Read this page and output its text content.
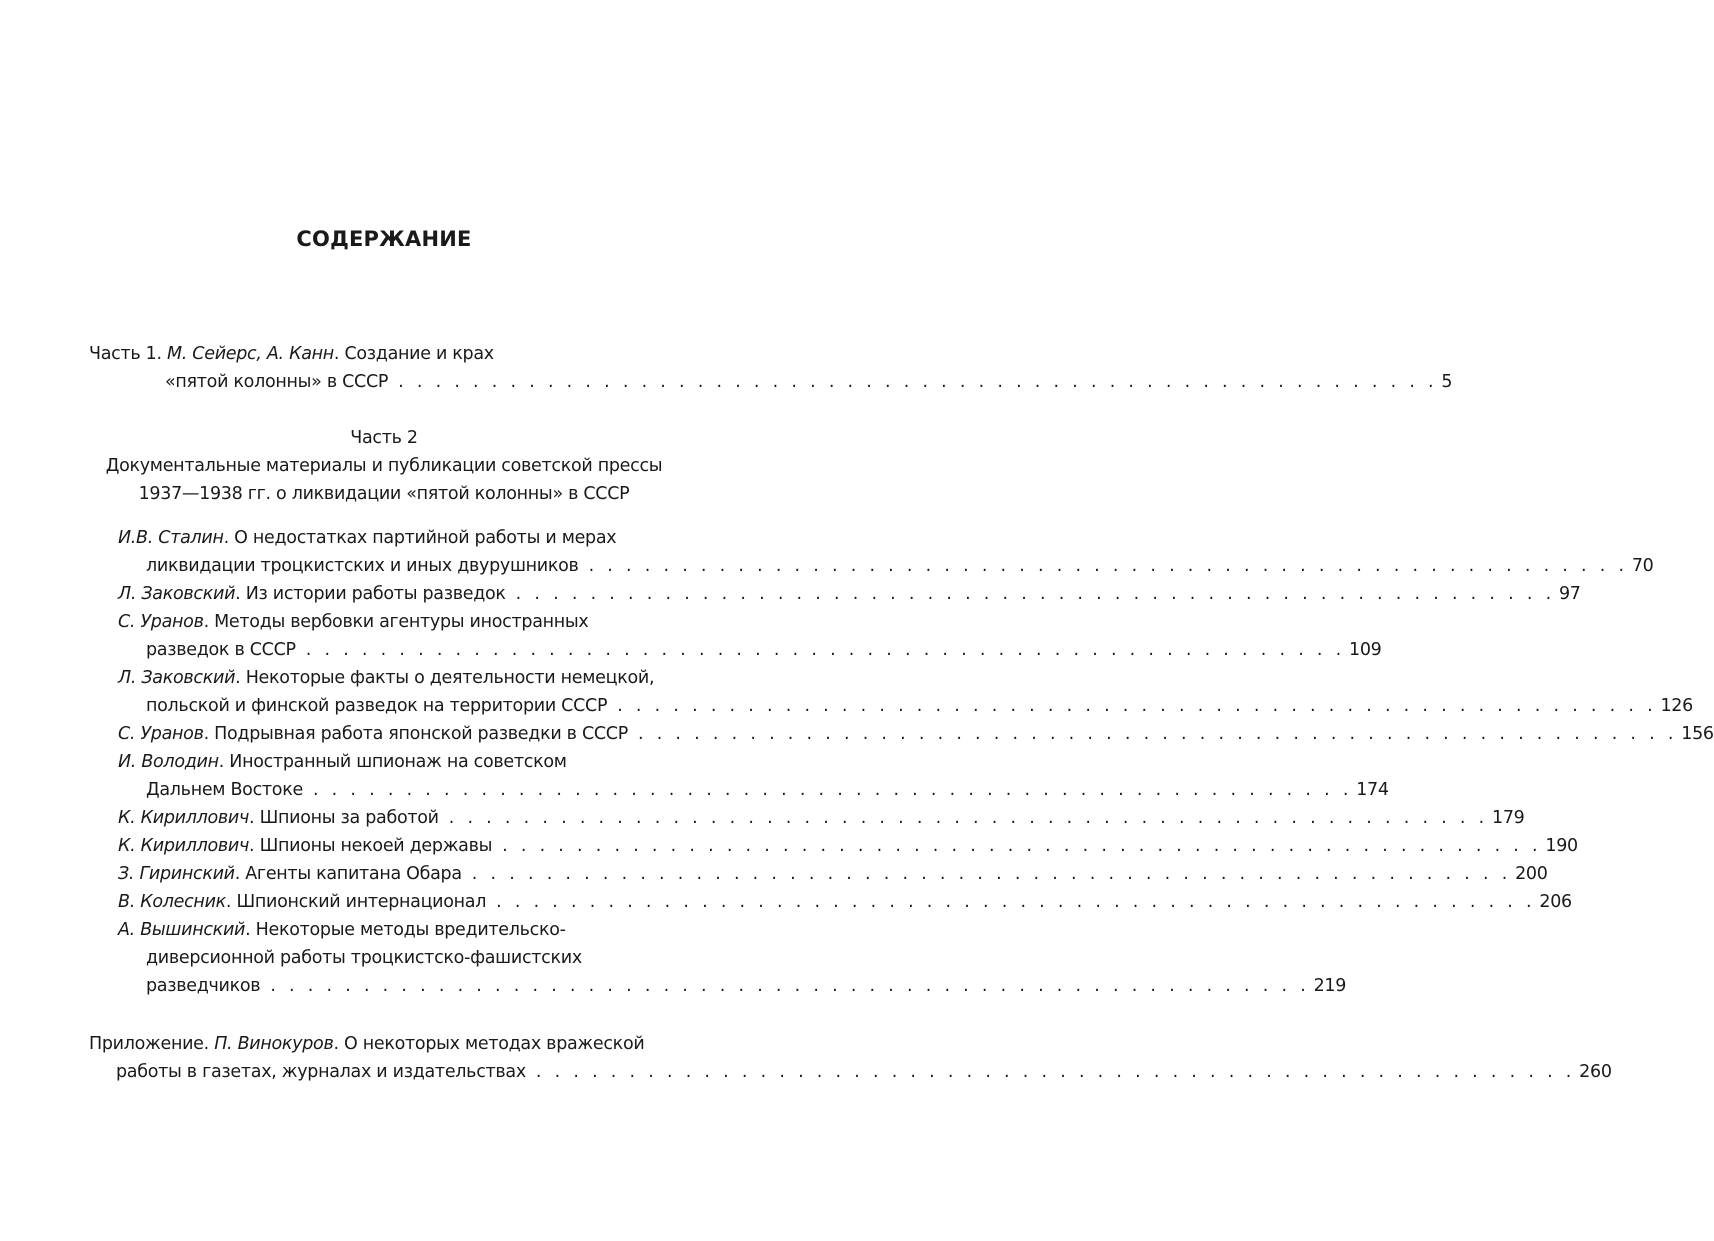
СОДЕРЖАНИЕ
Часть 1. М. Сейерс, А. Канн. Создание и крах
«пятой колонны» в СССР . . . . . . . . . . . . . . . . . . . . . . . . . . . . . . . . . . . . . . . . . . . . . . . . . . . . . . . . 5
Часть 2
Документальные материалы и публикации советской прессы
1937—1938 гг. о ликвидации «пятой колонны» в СССР
И.В. Сталин. О недостатках партийной работы и мерах
ликвидации троцкистских и иных двурушников . . . . . . . . . . . . . . . . . . . . . . . . . . . . . . . . . . . . . . . . . . . . . . . . . . . . . . . . 70
Л. Заковский. Из истории работы разведок . . . . . . . . . . . . . . . . . . . . . . . . . . . . . . . . . . . . . . . . . . . . . . . . . . . . . . . . 97
С. Уранов. Методы вербовки агентуры иностранных
разведок в СССР . . . . . . . . . . . . . . . . . . . . . . . . . . . . . . . . . . . . . . . . . . . . . . . . . . . . . . . . 109
Л. Заковский. Некоторые факты о деятельности немецкой,
польской и финской разведок на территории СССР . . . . . . . . . . . . . . . . . . . . . . . . . . . . . . . . . . . . . . . . . . . . . . . . . . . . . . . . 126
С. Уранов. Подрывная работа японской разведки в СССР . . . . . . . . . . . . . . . . . . . . . . . . . . . . . . . . . . . . . . . . . . . . . . . . . . . . . . . . 156
И. Володин. Иностранный шпионаж на советском
Дальнем Востоке . . . . . . . . . . . . . . . . . . . . . . . . . . . . . . . . . . . . . . . . . . . . . . . . . . . . . . . . 174
К. Кириллович. Шпионы за работой . . . . . . . . . . . . . . . . . . . . . . . . . . . . . . . . . . . . . . . . . . . . . . . . . . . . . . . . 179
К. Кириллович. Шпионы некоей державы . . . . . . . . . . . . . . . . . . . . . . . . . . . . . . . . . . . . . . . . . . . . . . . . . . . . . . . . 190
З. Гиринский. Агенты капитана Обара . . . . . . . . . . . . . . . . . . . . . . . . . . . . . . . . . . . . . . . . . . . . . . . . . . . . . . . . 200
В. Колесник. Шпионский интернационал . . . . . . . . . . . . . . . . . . . . . . . . . . . . . . . . . . . . . . . . . . . . . . . . . . . . . . . . 206
А. Вышинский. Некоторые методы вредительско-
диверсионной работы троцкистско-фашистских
разведчиков . . . . . . . . . . . . . . . . . . . . . . . . . . . . . . . . . . . . . . . . . . . . . . . . . . . . . . . . 219
Приложение. П. Винокуров. О некоторых методах вражеской
работы в газетах, журналах и издательствах . . . . . . . . . . . . . . . . . . . . . . . . . . . . . . . . . . . . . . . . . . . . . . . . . . . . . . . . 260
